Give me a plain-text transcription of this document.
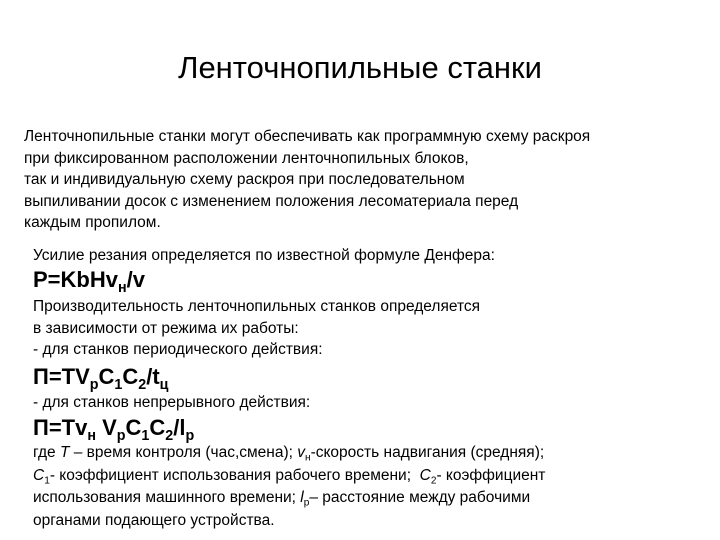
Ленточнопильные станки
Ленточнопильные станки могут обеспечивать как программную схему раскроя
при фиксированном расположении ленточнопильных блоков,
так и индивидуальную схему раскроя при последовательном
выпиливании досок с изменением положения лесоматериала перед
каждым пропилом.
Усилие резания определяется по известной формуле Денфера:
P=KbHv$_н$/v
Производительность ленточнопильных станков определяется
в зависимости от режима их работы:
- для станков периодического действия:
$П=TV_рC_1C_2/t_ц$
- для станков непрерывного действия:
$П=Tv_н$ $V_рC_1C_2/l_р$
где Т – время контроля (час,смена); $v_н$-скорость надвигания (средняя);
$C_1-$ коэффициент использования рабочего времени;  $C_2-$ коэффициент
использования машинного времени; $l_р-$ расстояние между рабочими
органами подающего устройства.
